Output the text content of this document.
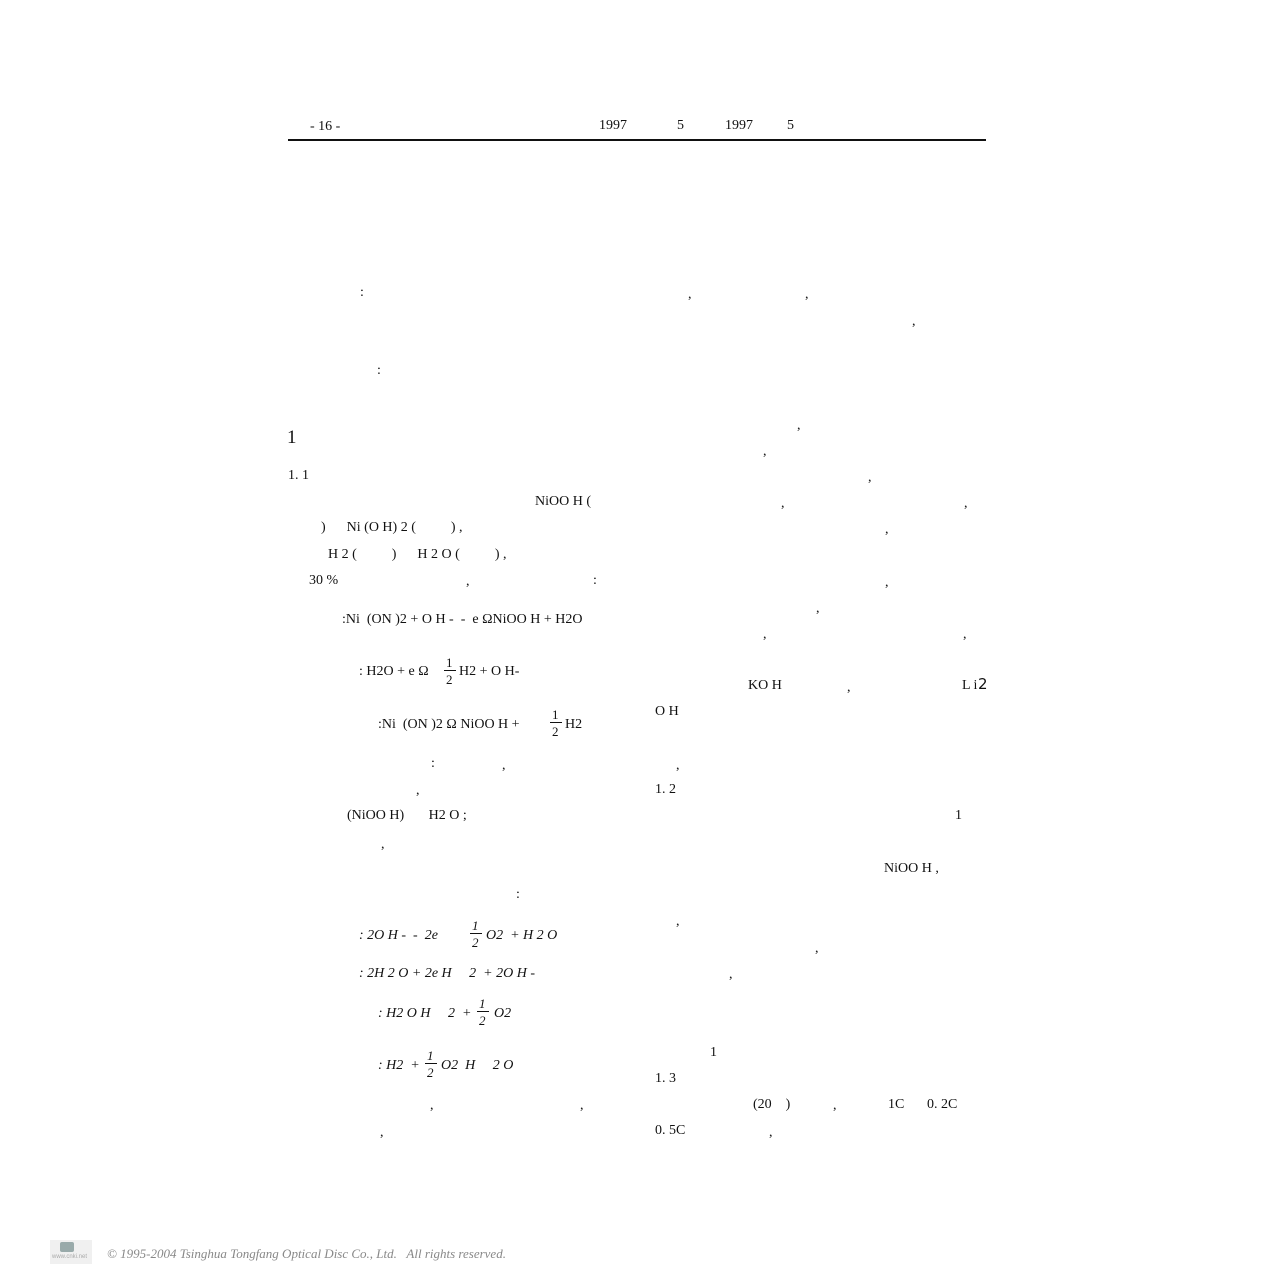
- 16 -	1997	5	1997 5
:	,	,
,
:
1
1. 1
NiOO H (
)      Ni (O H) 2 (          ) ,
H 2 (          )      H 2 O (          ) ,
30 %	,	:
:Ni  (ON )2 + O H -  -  e ΩNiOO H + H2O
: H2O + e Ω
1
2
H2 + O H-
:Ni  (ON )2 Ω NiOO H +
1
2 H2
:	,
,
(NiOO H)       H2 O ;
,
:
: 2O H -  -  2e
1
2 O2  + H 2 O
: 2H 2 O + 2e H     2  + 2O H -
: H2 O H     2  +
1
2 O2
: H2  +
1
2 O2  H     2 O
,	,
,
,
,
,
,	,
,
,
,
,	,
KO H	,	L i 2
O H
,
1. 2
1
NiOO H ,
,
,
,
1
1. 3
(20    )	,	1C 0. 2C
0. 5C	,
www.cnki.net © 1995-2004 Tsinghua Tongfang Optical Disc Co., Ltd.   All rights reserved.
